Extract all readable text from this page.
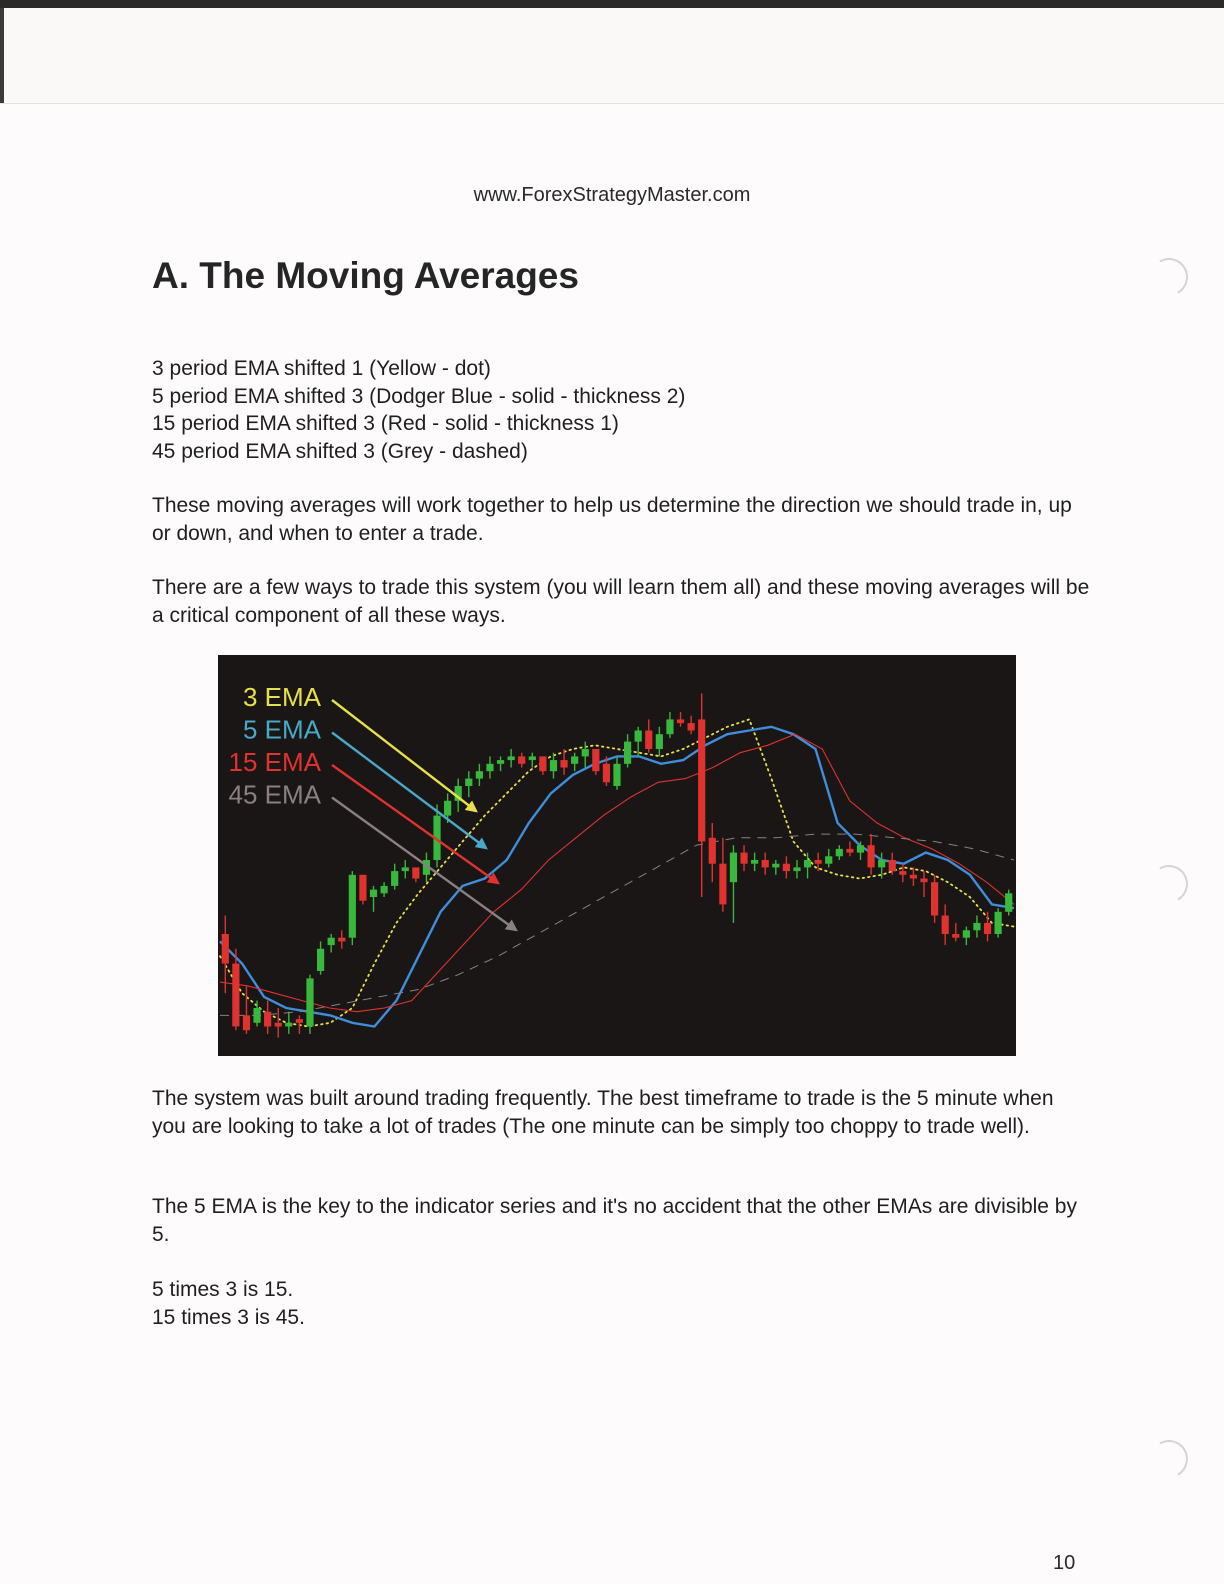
www.ForexStrategyMaster.com
A. The Moving Averages

3 period EMA shifted 1 (Yellow - dot)

5 period EMA shifted 3 (Dodger Blue - solid - thickness 2)

15 period EMA shifted 3 (Red - solid - thickness 1)

45 period EMA shifted 3 (Grey - dashed)

These moving averages will work together to help us determine the direction we should trade in, up or down, and when to enter a trade.

There are a few ways to trade this system (you will learn them all) and these moving averages will be a critical component of all these ways.

3 EMA
5 EMA
15 EMA
45 EMA

The system was built around trading frequently. The best timeframe to trade is the 5 minute when you are looking to take a lot of trades (The one minute can be simply too choppy to trade well).

The 5 EMA is the key to the indicator series and it's no accident that the other EMAs are divisible by 5.

5 times 3 is 15.

15 times 3 is 45.

10
